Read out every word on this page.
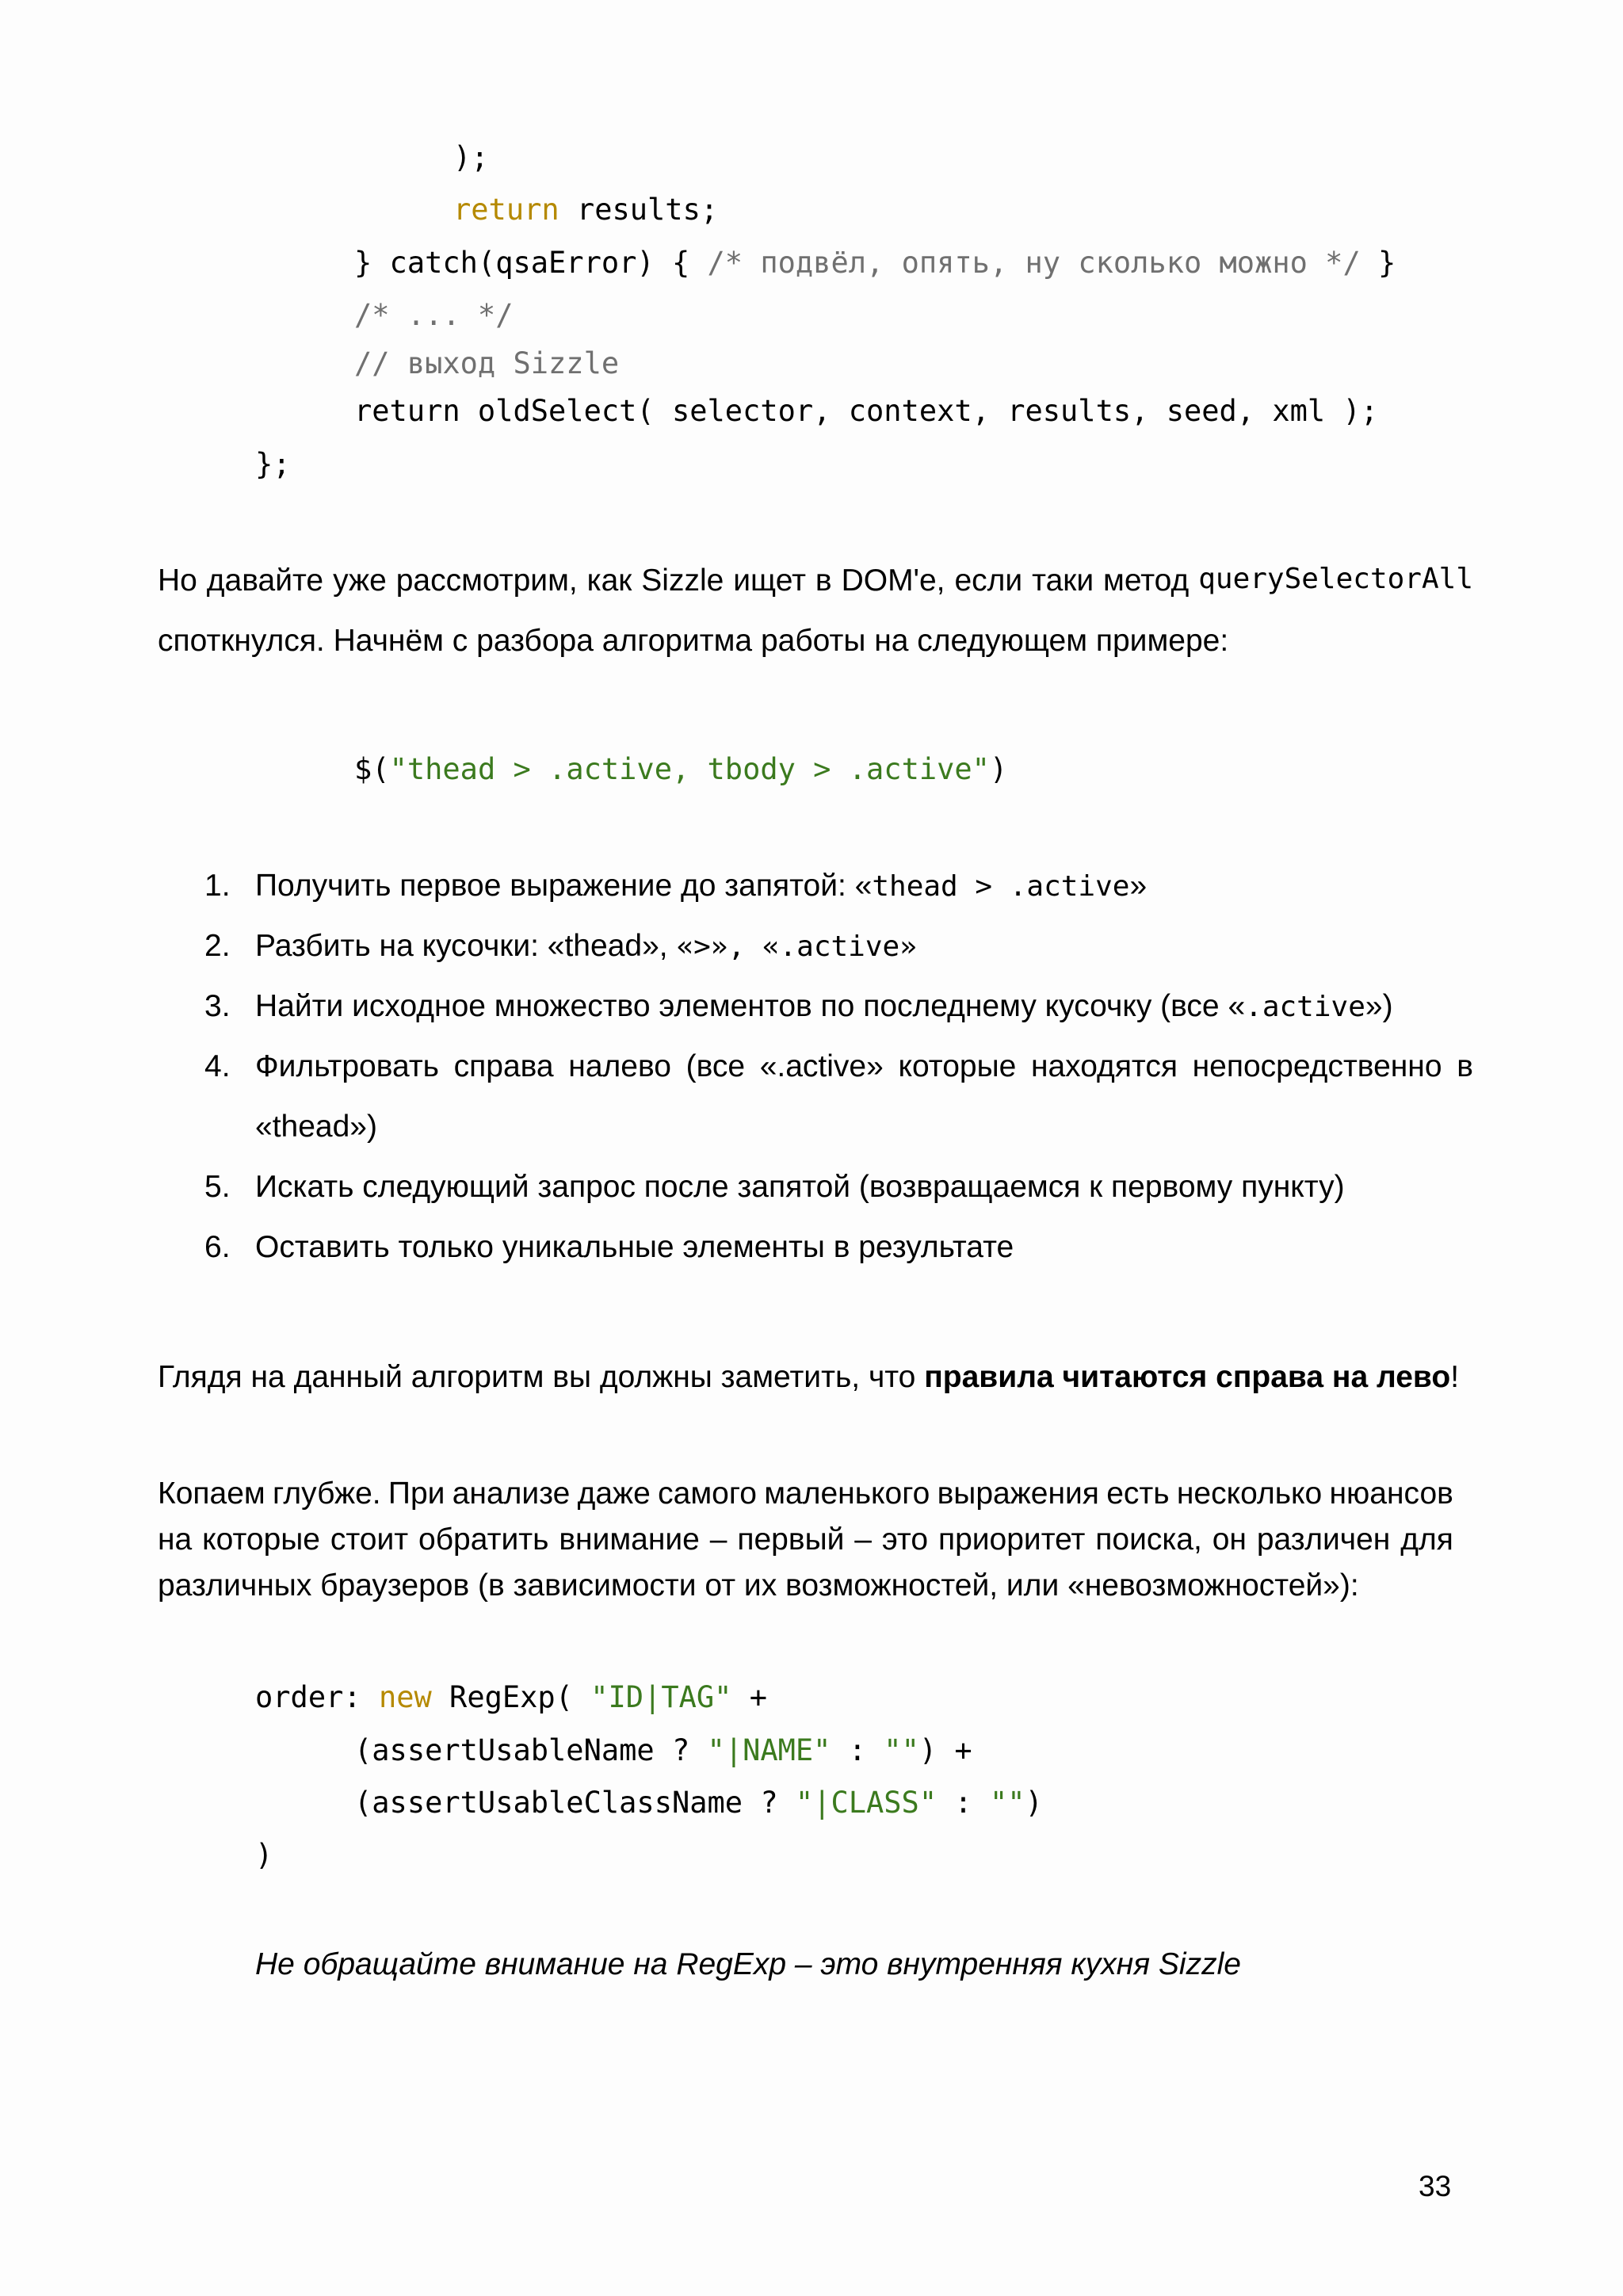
);
return results;
} catch(qsaError) { /* подвёл, опять, ну сколько можно */ }
/* ... */
// выход Sizzle
return oldSelect( selector, context, results, seed, xml );
};
Но давайте уже рассмотрим, как Sizzle ищет в DOM'e, если таки метод querySelectorAll
споткнулся. Начнём с разбора алгоритма работы на следующем примере:
$("thead > .active, tbody > .active")
1. Получить первое выражение до запятой: «thead > .active»
2. Разбить на кусочки: «thead», «>», «.active»
3. Найти исходное множество элементов по последнему кусочку (все «.active»)
4. Фильтровать справа налево (все «.active» которые находятся непосредственно в
«thead»)
5. Искать следующий запрос после запятой (возвращаемся к первому пункту)
6. Оставить только уникальные элементы в результате
Глядя на данный алгоритм вы должны заметить, что правила читаются справа на лево!
Копаем глубже. При анализе даже самого маленького выражения есть несколько нюансов
на которые стоит обратить внимание – первый – это приоритет поиска, он различен для
различных браузеров (в зависимости от их возможностей, или «невозможностей»):
order: new RegExp( "ID|TAG" +
(assertUsableName ? "|NAME" : "") +
(assertUsableClassName ? "|CLASS" : "")
)
Не обращайте внимание на RegExp – это внутренняя кухня Sizzle
33
